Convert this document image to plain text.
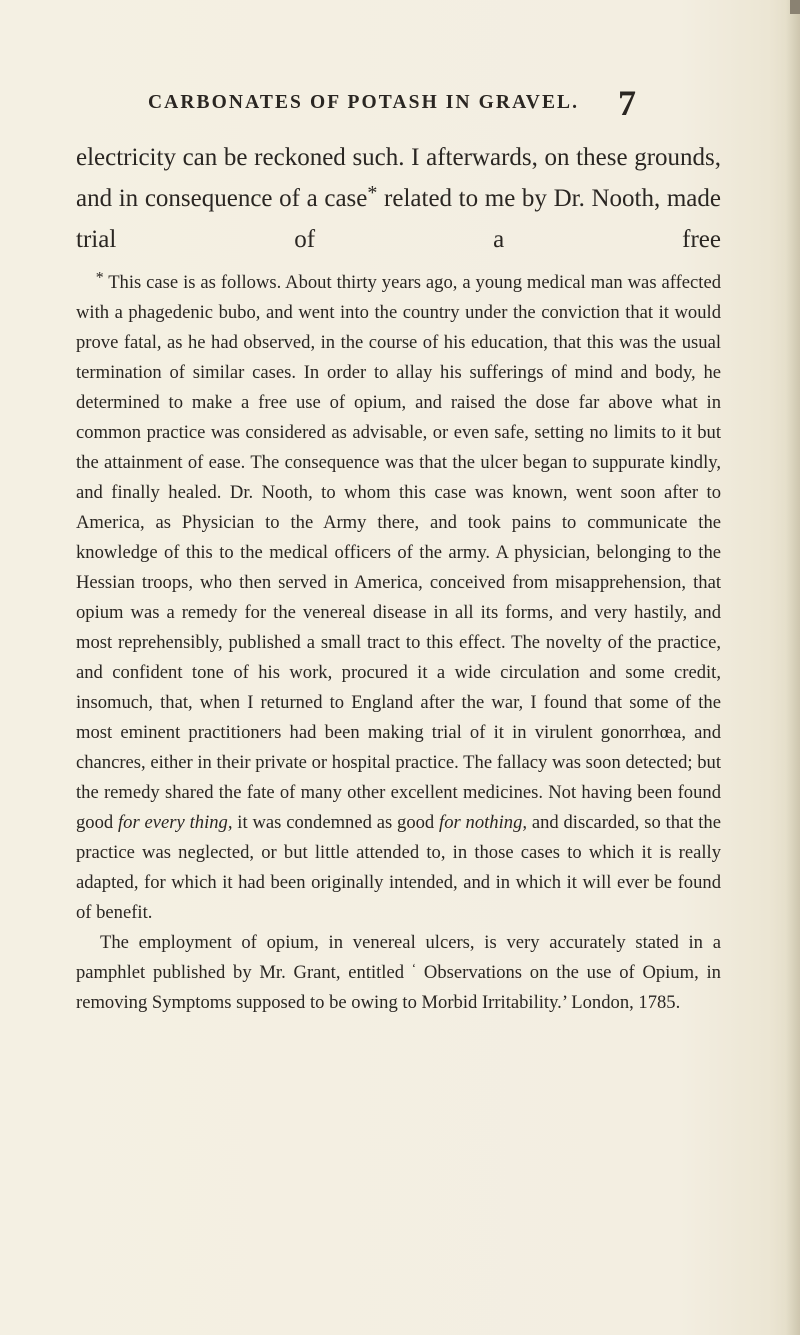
CARBONATES OF POTASH IN GRAVEL. 7
electricity can be reckoned such. I afterwards, on these grounds, and in consequence of a case* related to me by Dr. Nooth, made trial of a free

* This case is as follows. About thirty years ago, a young medical man was affected with a phagedenic bubo, and went into the country under the conviction that it would prove fatal, as he had observed, in the course of his education, that this was the usual termination of similar cases. In order to allay his sufferings of mind and body, he determined to make a free use of opium, and raised the dose far above what in common practice was considered as advisable, or even safe, setting no limits to it but the attainment of ease. The consequence was that the ulcer began to suppurate kindly, and finally healed. Dr. Nooth, to whom this case was known, went soon after to America, as Physician to the Army there, and took pains to communicate the knowledge of this to the medical officers of the army. A physician, belonging to the Hessian troops, who then served in America, conceived from misapprehension, that opium was a remedy for the venereal disease in all its forms, and very hastily, and most reprehensibly, published a small tract to this effect. The novelty of the practice, and confident tone of his work, procured it a wide circulation and some credit, insomuch, that, when I returned to England after the war, I found that some of the most eminent practitioners had been making trial of it in virulent gonorrhœa, and chancres, either in their private or hospital practice. The fallacy was soon detected; but the remedy shared the fate of many other excellent medicines. Not having been found good for every thing, it was condemned as good for nothing, and discarded, so that the practice was neglected, or but little attended to, in those cases to which it is really adapted, for which it had been originally intended, and in which it will ever be found of benefit.

The employment of opium, in venereal ulcers, is very accurately stated in a pamphlet published by Mr. Grant, entitled ‘ Observations on the use of Opium, in removing Symptoms supposed to be owing to Morbid Irritability.’ London, 1785.
